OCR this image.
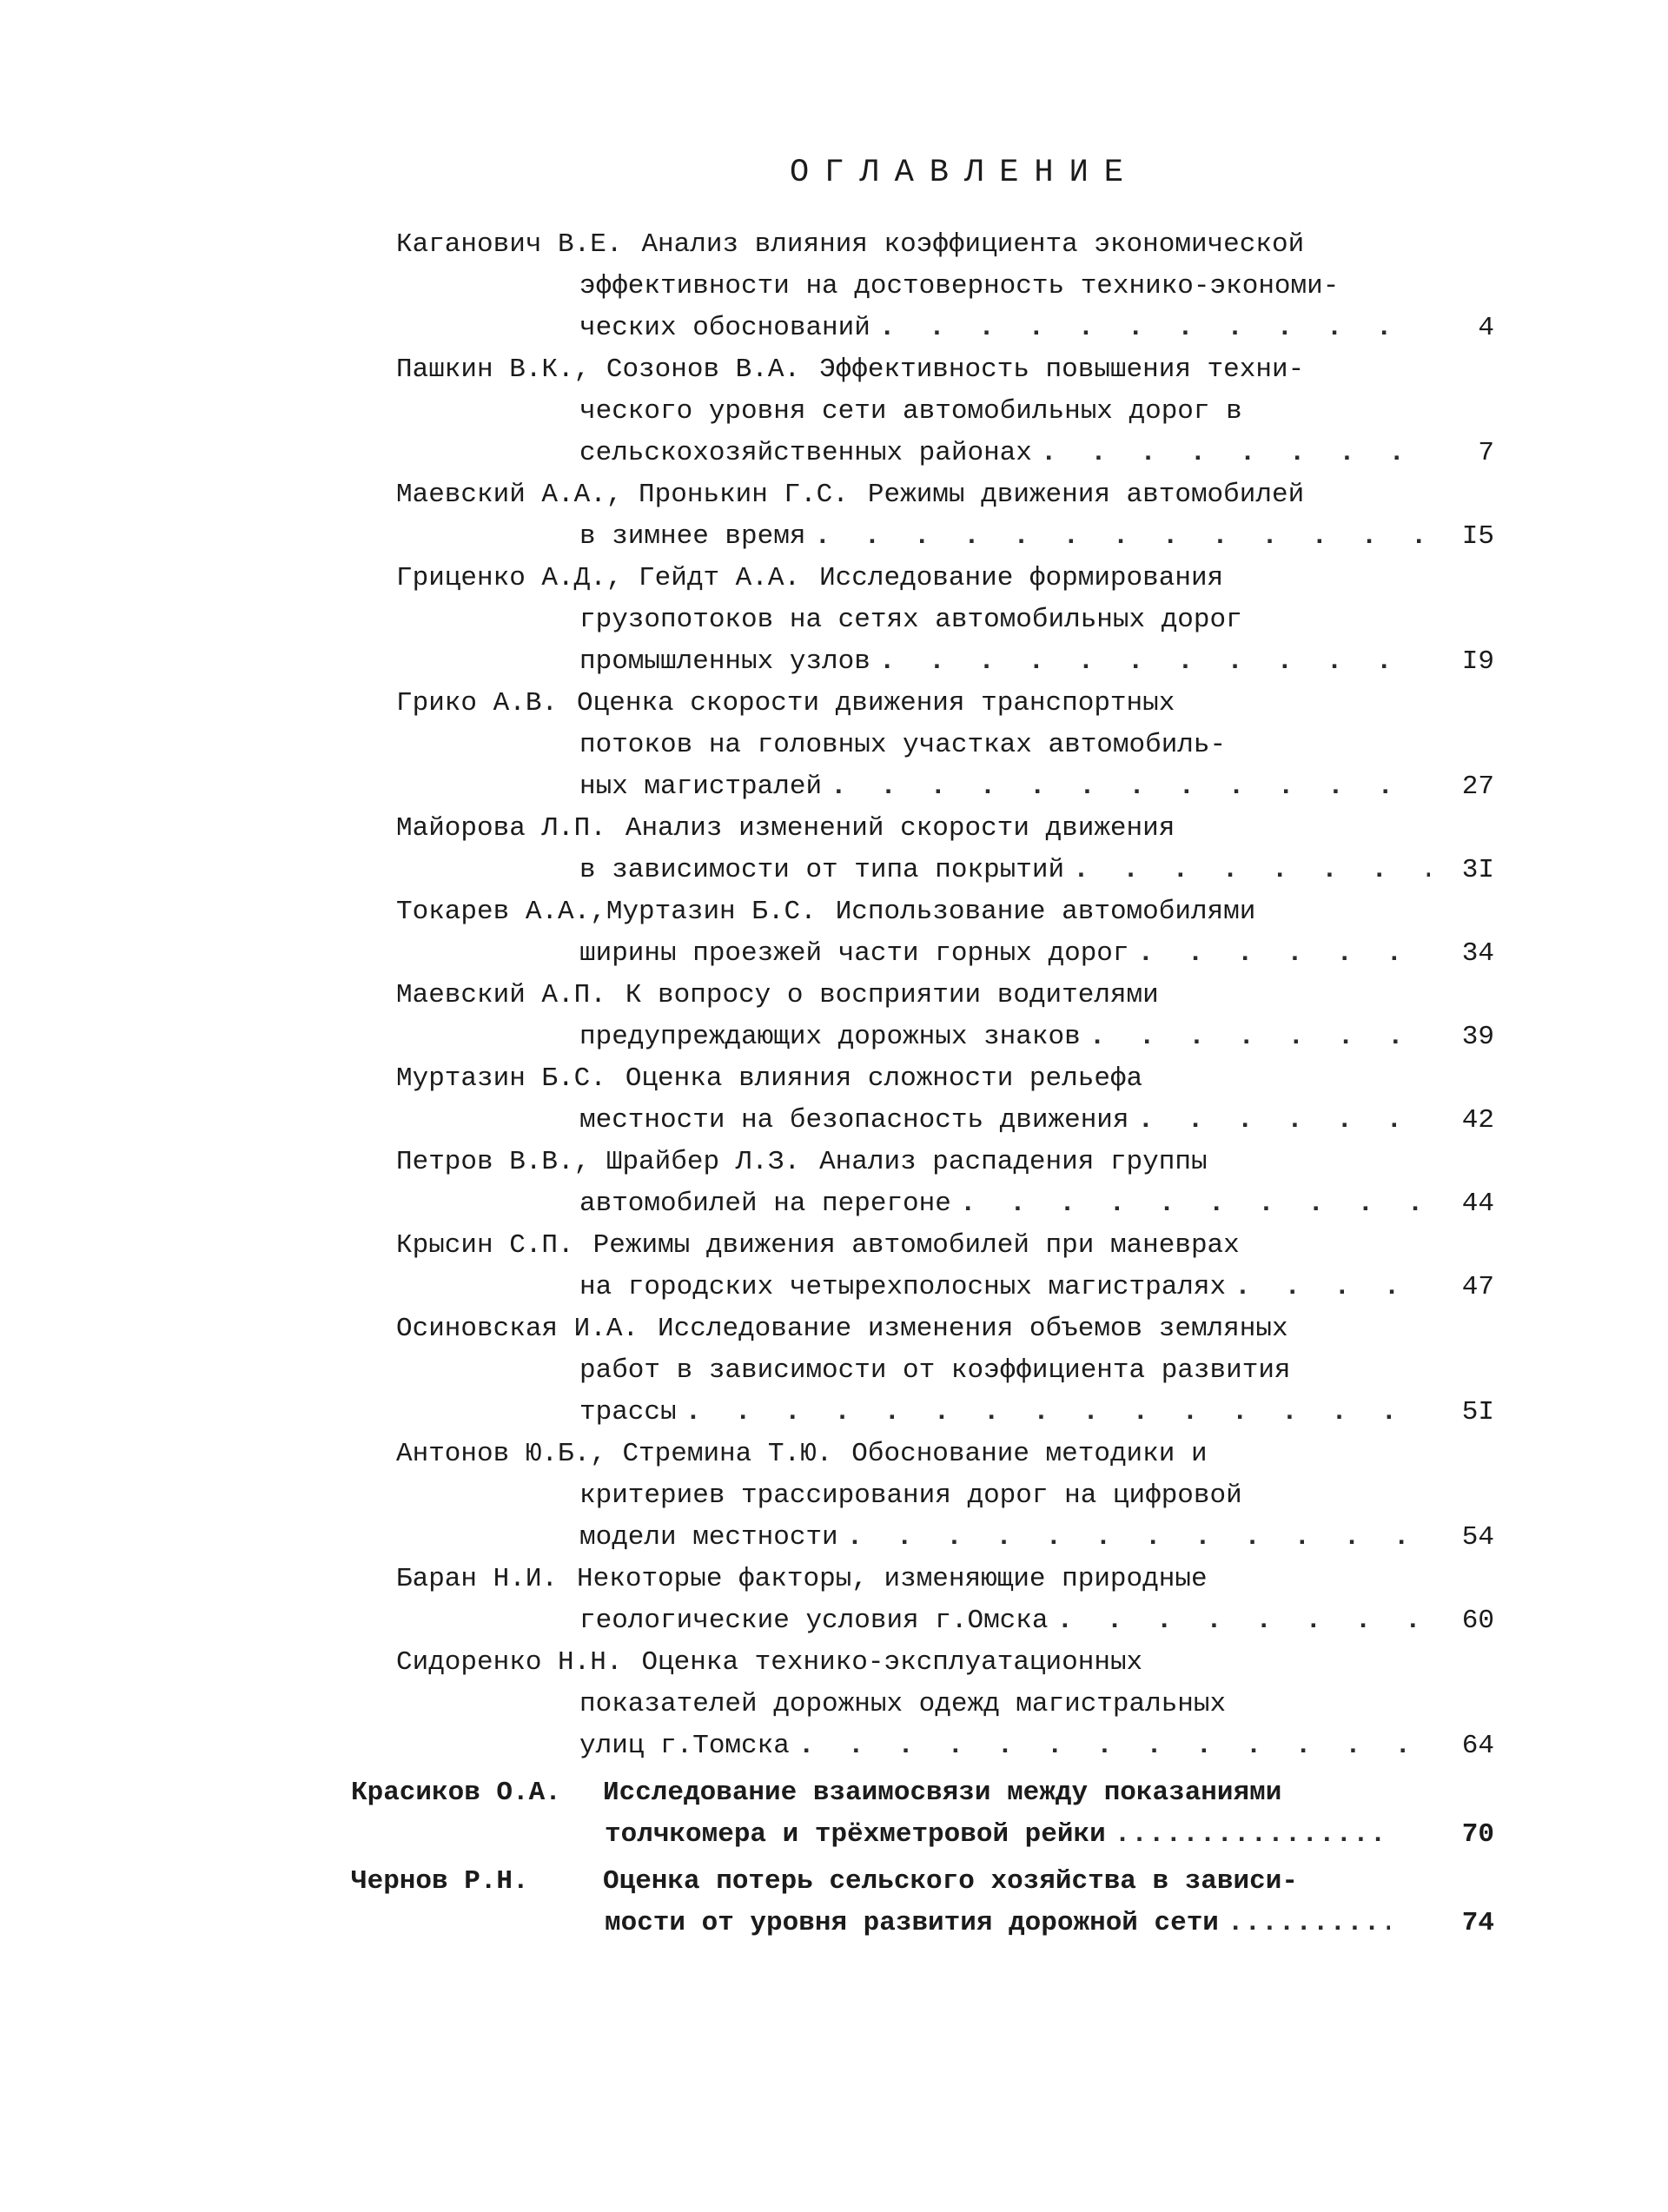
ОГЛАВЛЕНИЕ
Каганович В.Е. Анализ влияния коэффициента экономической
эффективности на достоверность технико-экономи-
ческих обоснований . . .	4
Пашкин В.К., Созонов В.А. Эффективность повышения техни-
ческого уровня сети автомобильных дорог в
сельскохозяйственных районах . . .	7
Маевский А.А., Пронькин Г.С. Режимы движения автомобилей
в зимнее время . . .	I5
Гриценко А.Д., Гейдт А.А. Исследование формирования
грузопотоков на сетях автомобильных дорог
промышленных узлов . . .	I9
Грико А.В. Оценка скорости движения транспортных
потоков на головных участках автомобиль-
ных магистралей . . .	27
Майорова Л.П. Анализ изменений скорости движения
в зависимости от типа покрытий . . .	3I
Токарев А.А.,Муртазин Б.С. Использование автомобилями
ширины проезжей части горных дорог . . .	34
Маевский А.П. К вопросу о восприятии водителями
предупреждающих дорожных знаков . . .	39
Муртазин Б.С. Оценка влияния сложности рельефа
местности на безопасность движения . . .	42
Петров В.В., Шрайбер Л.З. Анализ распадения группы
автомобилей на перегоне . . .	44
Крысин С.П. Режимы движения автомобилей при маневрах
на городских четырехполосных магистралях . . .	47
Осиновская И.А. Исследование изменения объемов земляных
работ в зависимости от коэффициента развития
трассы . . .	5I
Антонов Ю.Б., Стремина Т.Ю. Обоснование методики и
критериев трассирования дорог на цифровой
модели местности . . .	54
Баран Н.И. Некоторые факторы, изменяющие природные
геологические условия г.Омска . . .	60
Сидоренко Н.Н. Оценка технико-эксплуатационных
показателей дорожных одежд магистральных
улиц г.Томска . . .	64
Красиков О.А. Исследование взаимосвязи между показаниями
толчкомера и трёхметровой рейки .....	70
Чернов Р.Н.	Оценка потерь сельского хозяйства в зависи-
мости от уровня развития дорожной сети .....	74
